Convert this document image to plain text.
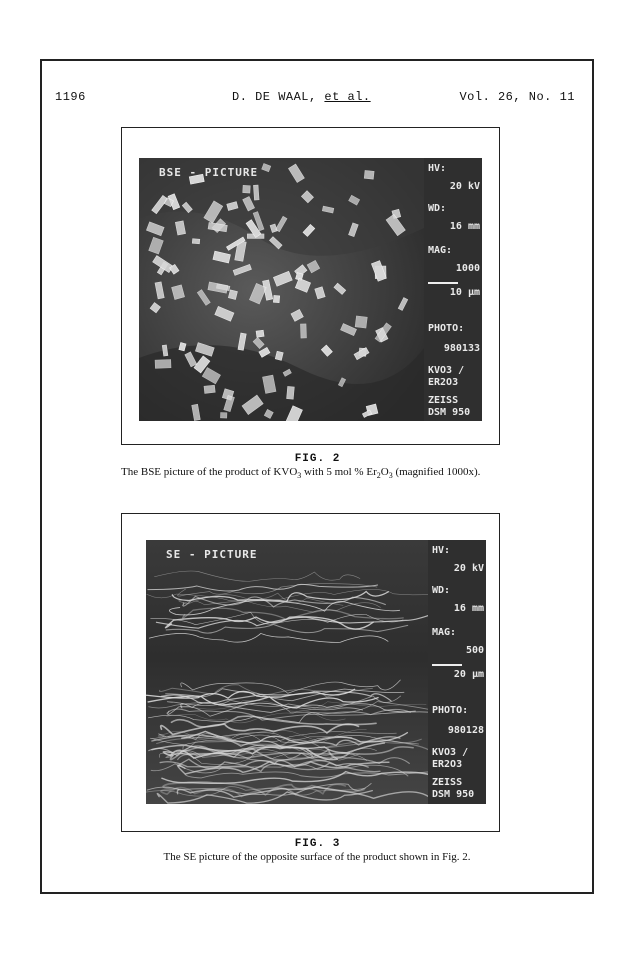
1196	D. DE WAAL, et al.	Vol. 26, No. 11
BSE - PICTURE	HV:
20 kV
WD:
16 mm
MAG:
1000
10 µm
PHOTO:
980133
KVO3 /
ER2O3
ZEISS
DSM 950
FIG. 2
The BSE picture of the product of $KVO_3$ with 5 mol % $Er_2O_3$ (magnified 1000x).
SE - PICTURE	HV:
20 kV
WD:
16 mm
MAG:
500
20 µm
PHOTO:
980128
KVO3 /
ER2O3
ZEISS
DSM 950
FIG. 3
The SE picture of the opposite surface of the product shown in Fig. 2.
